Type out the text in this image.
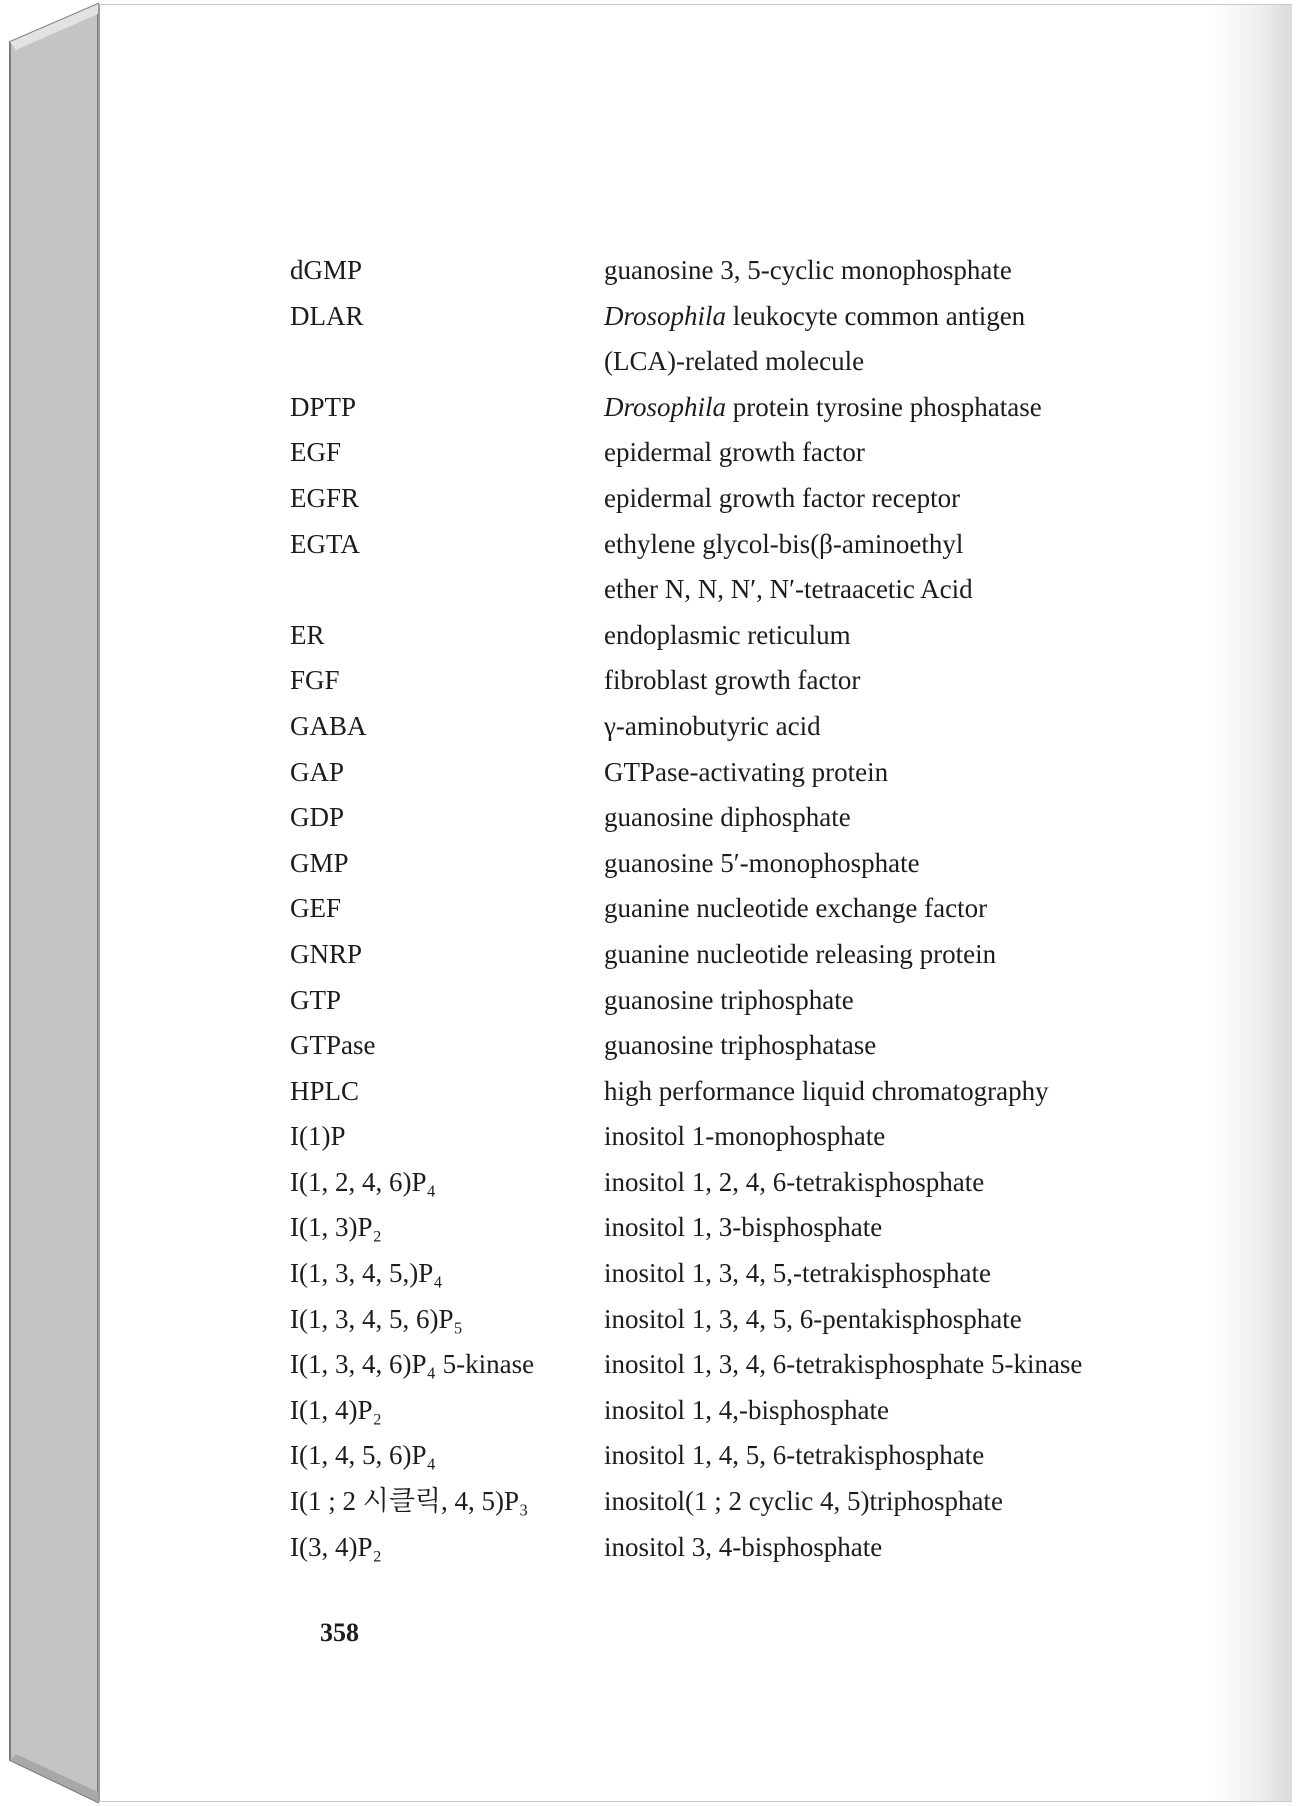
dGMP	guanosine 3, 5-cyclic monophosphate
DLAR	Drosophila leukocyte common antigen
(LCA)-related molecule
DPTP	Drosophila protein tyrosine phosphatase
EGF	epidermal growth factor
EGFR	epidermal growth factor receptor
EGTA	ethylene glycol-bis(β-aminoethyl
ether N, N, N′, N′-tetraacetic Acid
ER	endoplasmic reticulum
FGF	fibroblast growth factor
GABA	γ-aminobutyric acid
GAP	GTPase-activating protein
GDP	guanosine diphosphate
GMP	guanosine 5′-monophosphate
GEF	guanine nucleotide exchange factor
GNRP	guanine nucleotide releasing protein
GTP	guanosine triphosphate
GTPase	guanosine triphosphatase
HPLC	high performance liquid chromatography
I(1)P	inositol 1-monophosphate
I(1, 2, 4, 6)P₄	inositol 1, 2, 4, 6-tetrakisphosphate
I(1, 3)P₂	inositol 1, 3-bisphosphate
I(1, 3, 4, 5,)P₄	inositol 1, 3, 4, 5,-tetrakisphosphate
I(1, 3, 4, 5, 6)P₅	inositol 1, 3, 4, 5, 6-pentakisphosphate
I(1, 3, 4, 6)P₄ 5-kinase	inositol 1, 3, 4, 6-tetrakisphosphate 5-kinase
I(1, 4)P₂	inositol 1, 4,-bisphosphate
I(1, 4, 5, 6)P₄	inositol 1, 4, 5, 6-tetrakisphosphate
I(1 ; 2 시클릭, 4, 5)P₃	inositol(1 ; 2 cyclic 4, 5)triphosphate
I(3, 4)P₂	inositol 3, 4-bisphosphate
358
